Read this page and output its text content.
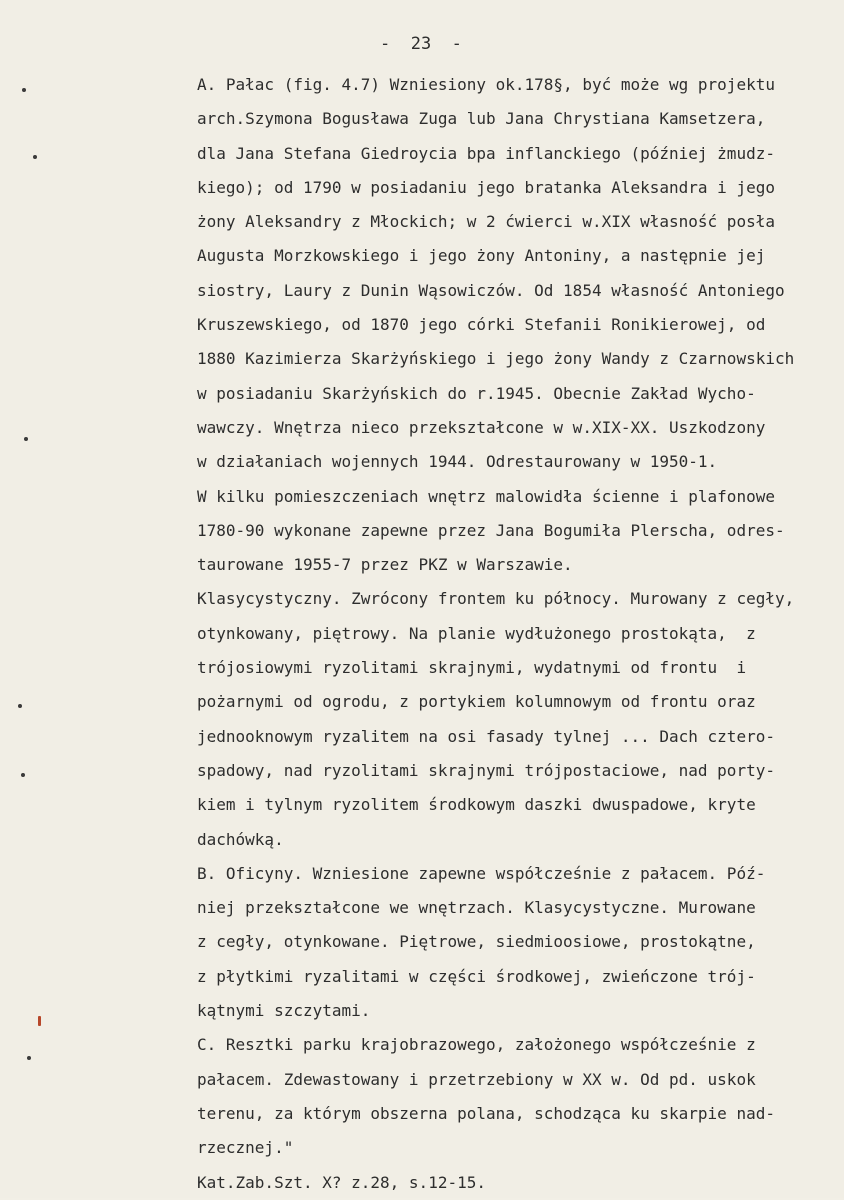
-  23  -
A. Pałac (fig. 4.7) Wzniesiony ok.178§, być może wg projektu
arch.Szymona Bogusława Zuga lub Jana Chrystiana Kamsetzera,
dla Jana Stefana Giedroycia bpa inflanckiego (później żmudz-
kiego); od 1790 w posiadaniu jego bratanka Aleksandra i jego
żony Aleksandry z Młockich; w 2 ćwierci w.XIX własność posła
Augusta Morzkowskiego i jego żony Antoniny, a następnie jej
siostry, Laury z Dunin Wąsowiczów. Od 1854 własność Antoniego
Kruszewskiego, od 1870 jego córki Stefanii Ronikierowej, od
1880 Kazimierza Skarżyńskiego i jego żony Wandy z Czarnowskich
w posiadaniu Skarżyńskich do r.1945. Obecnie Zakład Wycho-
wawczy. Wnętrza nieco przekształcone w w.XIX-XX. Uszkodzony
w działaniach wojennych 1944. Odrestaurowany w 1950-1.
W kilku pomieszczeniach wnętrz malowidła ścienne i plafonowe
1780-90 wykonane zapewne przez Jana Bogumiła Plerscha, odres-
taurowane 1955-7 przez PKZ w Warszawie.
Klasycystyczny. Zwrócony frontem ku północy. Murowany z cegły,
otynkowany, piętrowy. Na planie wydłużonego prostokąta,  z
trójosiowymi ryzolitami skrajnymi, wydatnymi od frontu  i
pożarnymi od ogrodu, z portykiem kolumnowym od frontu oraz
jednooknowym ryzalitem na osi fasady tylnej ... Dach cztero-
spadowy, nad ryzolitami skrajnymi trójpostaciowe, nad porty-
kiem i tylnym ryzolitem środkowym daszki dwuspadowe, kryte
dachówką.
B. Oficyny. Wzniesione zapewne współcześnie z pałacem. Póź-
niej przekształcone we wnętrzach. Klasycystyczne. Murowane
z cegły, otynkowane. Piętrowe, siedmioosiowe, prostokątne,
z płytkimi ryzalitami w części środkowej, zwieńczone trój-
kątnymi szczytami.
C. Resztki parku krajobrazowego, założonego współcześnie z
pałacem. Zdewastowany i przetrzebiony w XX w. Od pd. uskok
terenu, za którym obszerna polana, schodząca ku skarpie nad-
rzecznej."
Kat.Zab.Szt. X? z.28, s.12-15.
